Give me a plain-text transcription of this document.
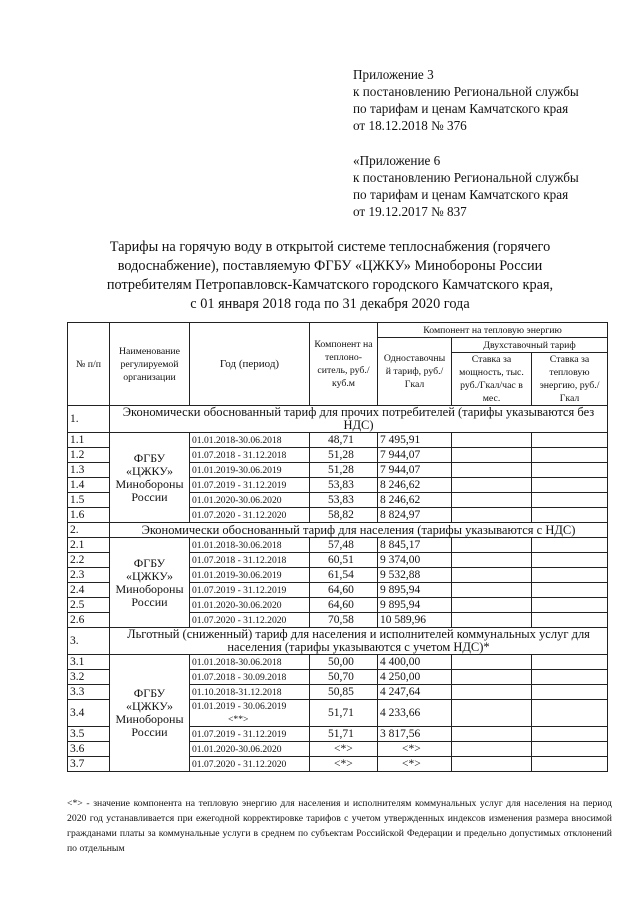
Приложение 3
к постановлению Региональной службы
по тарифам и ценам Камчатского края
от 18.12.2018 № 376
«Приложение 6
к постановлению Региональной службы
по тарифам и ценам Камчатского края
от 19.12.2017 № 837
Тарифы на горячую воду в открытой системе теплоснабжения (горячего
водоснабжение), поставляемую ФГБУ «ЦЖКУ» Минобороны России
потребителям Петропавловск-Камчатского городского Камчатского края,
с 01 января 2018 года по 31 декабря 2020 года
№ п/п	Наименование регулируемой организации	Год (период)	Компонент на теплоно-ситель, руб./куб.м	Компонент на тепловую энергию		
				Одноставочны й тариф, руб./Гкал	Двухставочный тариф	
					Ставка за мощность, тыс. руб./Гкал/час в мес.	Ставка за тепловую энергию, руб./Гкал
1.	Экономически обоснованный тариф для прочих потребителей (тарифы указываются без НДС)					
1.1	ФГБУ
«ЦЖКУ»
Минобороны
России	01.01.2018-30.06.2018	48,71	7 495,91		
1.2		01.07.2018 - 31.12.2018	51,28	7 944,07		
1.3		01.01.2019-30.06.2019	51,28	7 944,07		
1.4		01.07.2019 - 31.12.2019	53,83	8 246,62		
1.5		01.01.2020-30.06.2020	53,83	8 246,62		
1.6		01.07.2020 - 31.12.2020	58,82	8 824,97		
2.	Экономически обоснованный тариф для населения (тарифы указываются с НДС)					
2.1	ФГБУ
«ЦЖКУ»
Минобороны
России	01.01.2018-30.06.2018	57,48	8 845,17		
2.2		01.07.2018 - 31.12.2018	60,51	9 374,00		
2.3		01.01.2019-30.06.2019	61,54	9 532,88		
2.4		01.07.2019 - 31.12.2019	64,60	9 895,94		
2.5		01.01.2020-30.06.2020	64,60	9 895,94		
2.6		01.07.2020 - 31.12.2020	70,58	10 589,96		
3.	Льготный (сниженный) тариф для населения и исполнителей коммунальных услуг для населения (тарифы указываются с учетом НДС)*					
3.1	ФГБУ
«ЦЖКУ»
Минобороны
России	01.01.2018-30.06.2018	50,00	4 400,00		
3.2		01.07.2018 - 30.09.2018	50,70	4 250,00		
3.3		01.10.2018-31.12.2018	50,85	4 247,64		
3.4		01.01.2019 - 30.06.2019
<**>	51,71	4 233,66		
3.5		01.07.2019 - 31.12.2019	51,71	3 817,56		
3.6		01.01.2020-30.06.2020	<*>	<*>		
3.7		01.07.2020 - 31.12.2020	<*>	<*>		
<*> - значение компонента на тепловую энергию для населения и исполнителям коммунальных услуг для населения на период 2020 год устанавливается при ежегодной корректировке тарифов с учетом утвержденных индексов изменения размера вносимой гражданами платы за коммунальные услуги в среднем по субъектам Российской Федерации и предельно допустимых отклонений по отдельным
